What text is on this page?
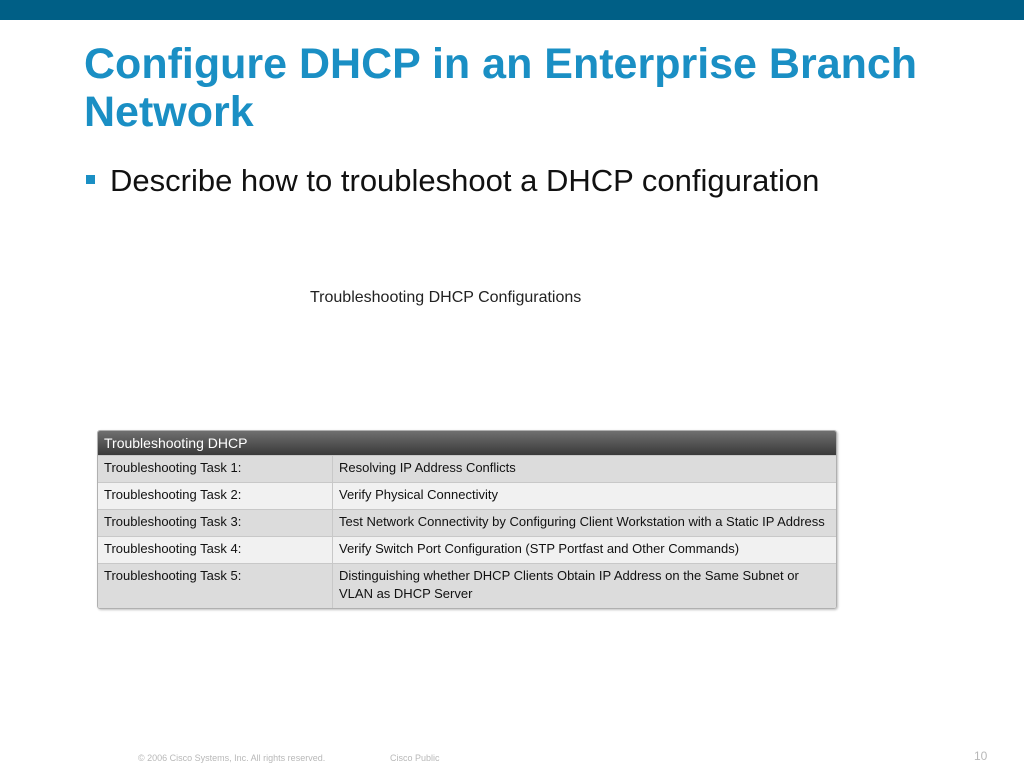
Configure DHCP in an Enterprise Branch Network
Describe how to troubleshoot a DHCP configuration
Troubleshooting DHCP Configurations
Troubleshooting DHCP
Troubleshooting Task 1:	Resolving IP Address Conflicts
Troubleshooting Task 2:	Verify Physical Connectivity
Troubleshooting Task 3:	Test Network Connectivity by Configuring Client Workstation with a Static IP Address
Troubleshooting Task 4:	Verify Switch Port Configuration (STP Portfast and Other Commands)
Troubleshooting Task 5:	Distinguishing whether DHCP Clients Obtain IP Address on the Same Subnet or VLAN as DHCP Server
© 2006 Cisco Systems, Inc. All rights reserved.	Cisco Public	10
